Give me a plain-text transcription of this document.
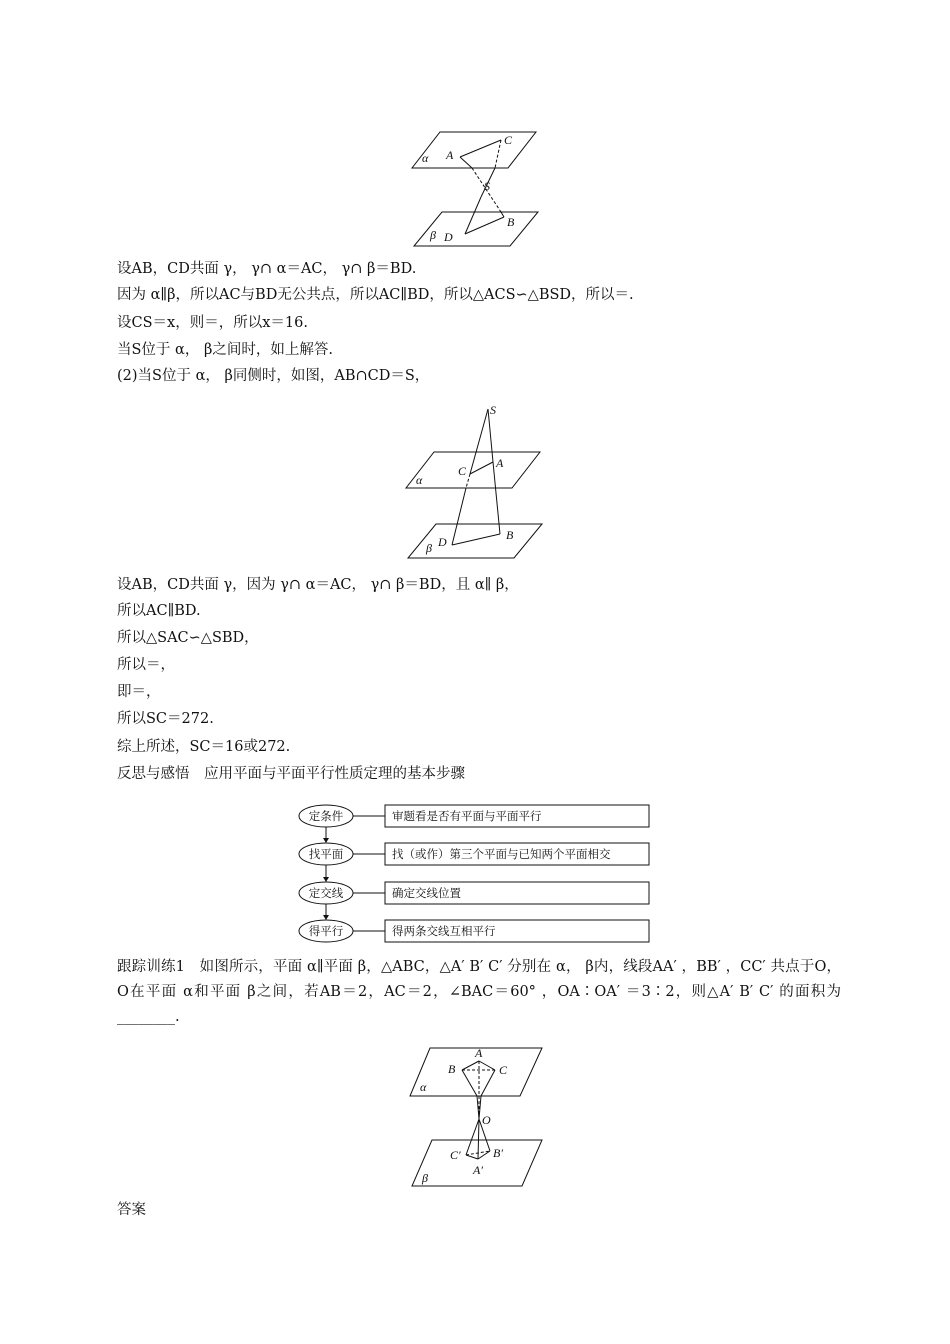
α A
C
S
B
β D
设AB，CD共面 γ， γ∩ α＝AC， γ∩ β＝BD.
因为 α∥β，所以AC与BD无公共点，所以AC∥BD，所以△ACS∽△BSD，所以＝.
设CS＝x，则＝，所以x＝16.
当S位于 α， β之间时，如上解答.
(2)当S位于 α， β同侧时，如图，AB∩CD＝S，
S
C
A
α
β D	B
设AB，CD共面 γ，因为 γ∩ α＝AC， γ∩ β＝BD，且 α∥ β，
所以AC∥BD.
所以△SAC∽△SBD，
所以＝，
即＝，
所以SC＝272.
综上所述，SC＝16或272.
反思与感悟　应用平面与平面平行性质定理的基本步骤
定条件	审题看是否有平面与平面平行
找平面	找（或作）第三个平面与已知两个平面相交
定交线	确定交线位置
得平行	得两条交线互相平行
跟踪训练1　如图所示，平面 α∥平面 β，△ABC，△A′ B′ C′ 分别在 α， β内，线段AA′ ，BB′ ，CC′ 共点于O，O在平面 α和平面 β之间，若AB＝2，AC＝2，∠BAC＝60° ，OA∶OA′ ＝3∶2，则△A′ B′ C′ 的面积为________.
A
B	C
α
O
C′	B′
A′
β
答案
